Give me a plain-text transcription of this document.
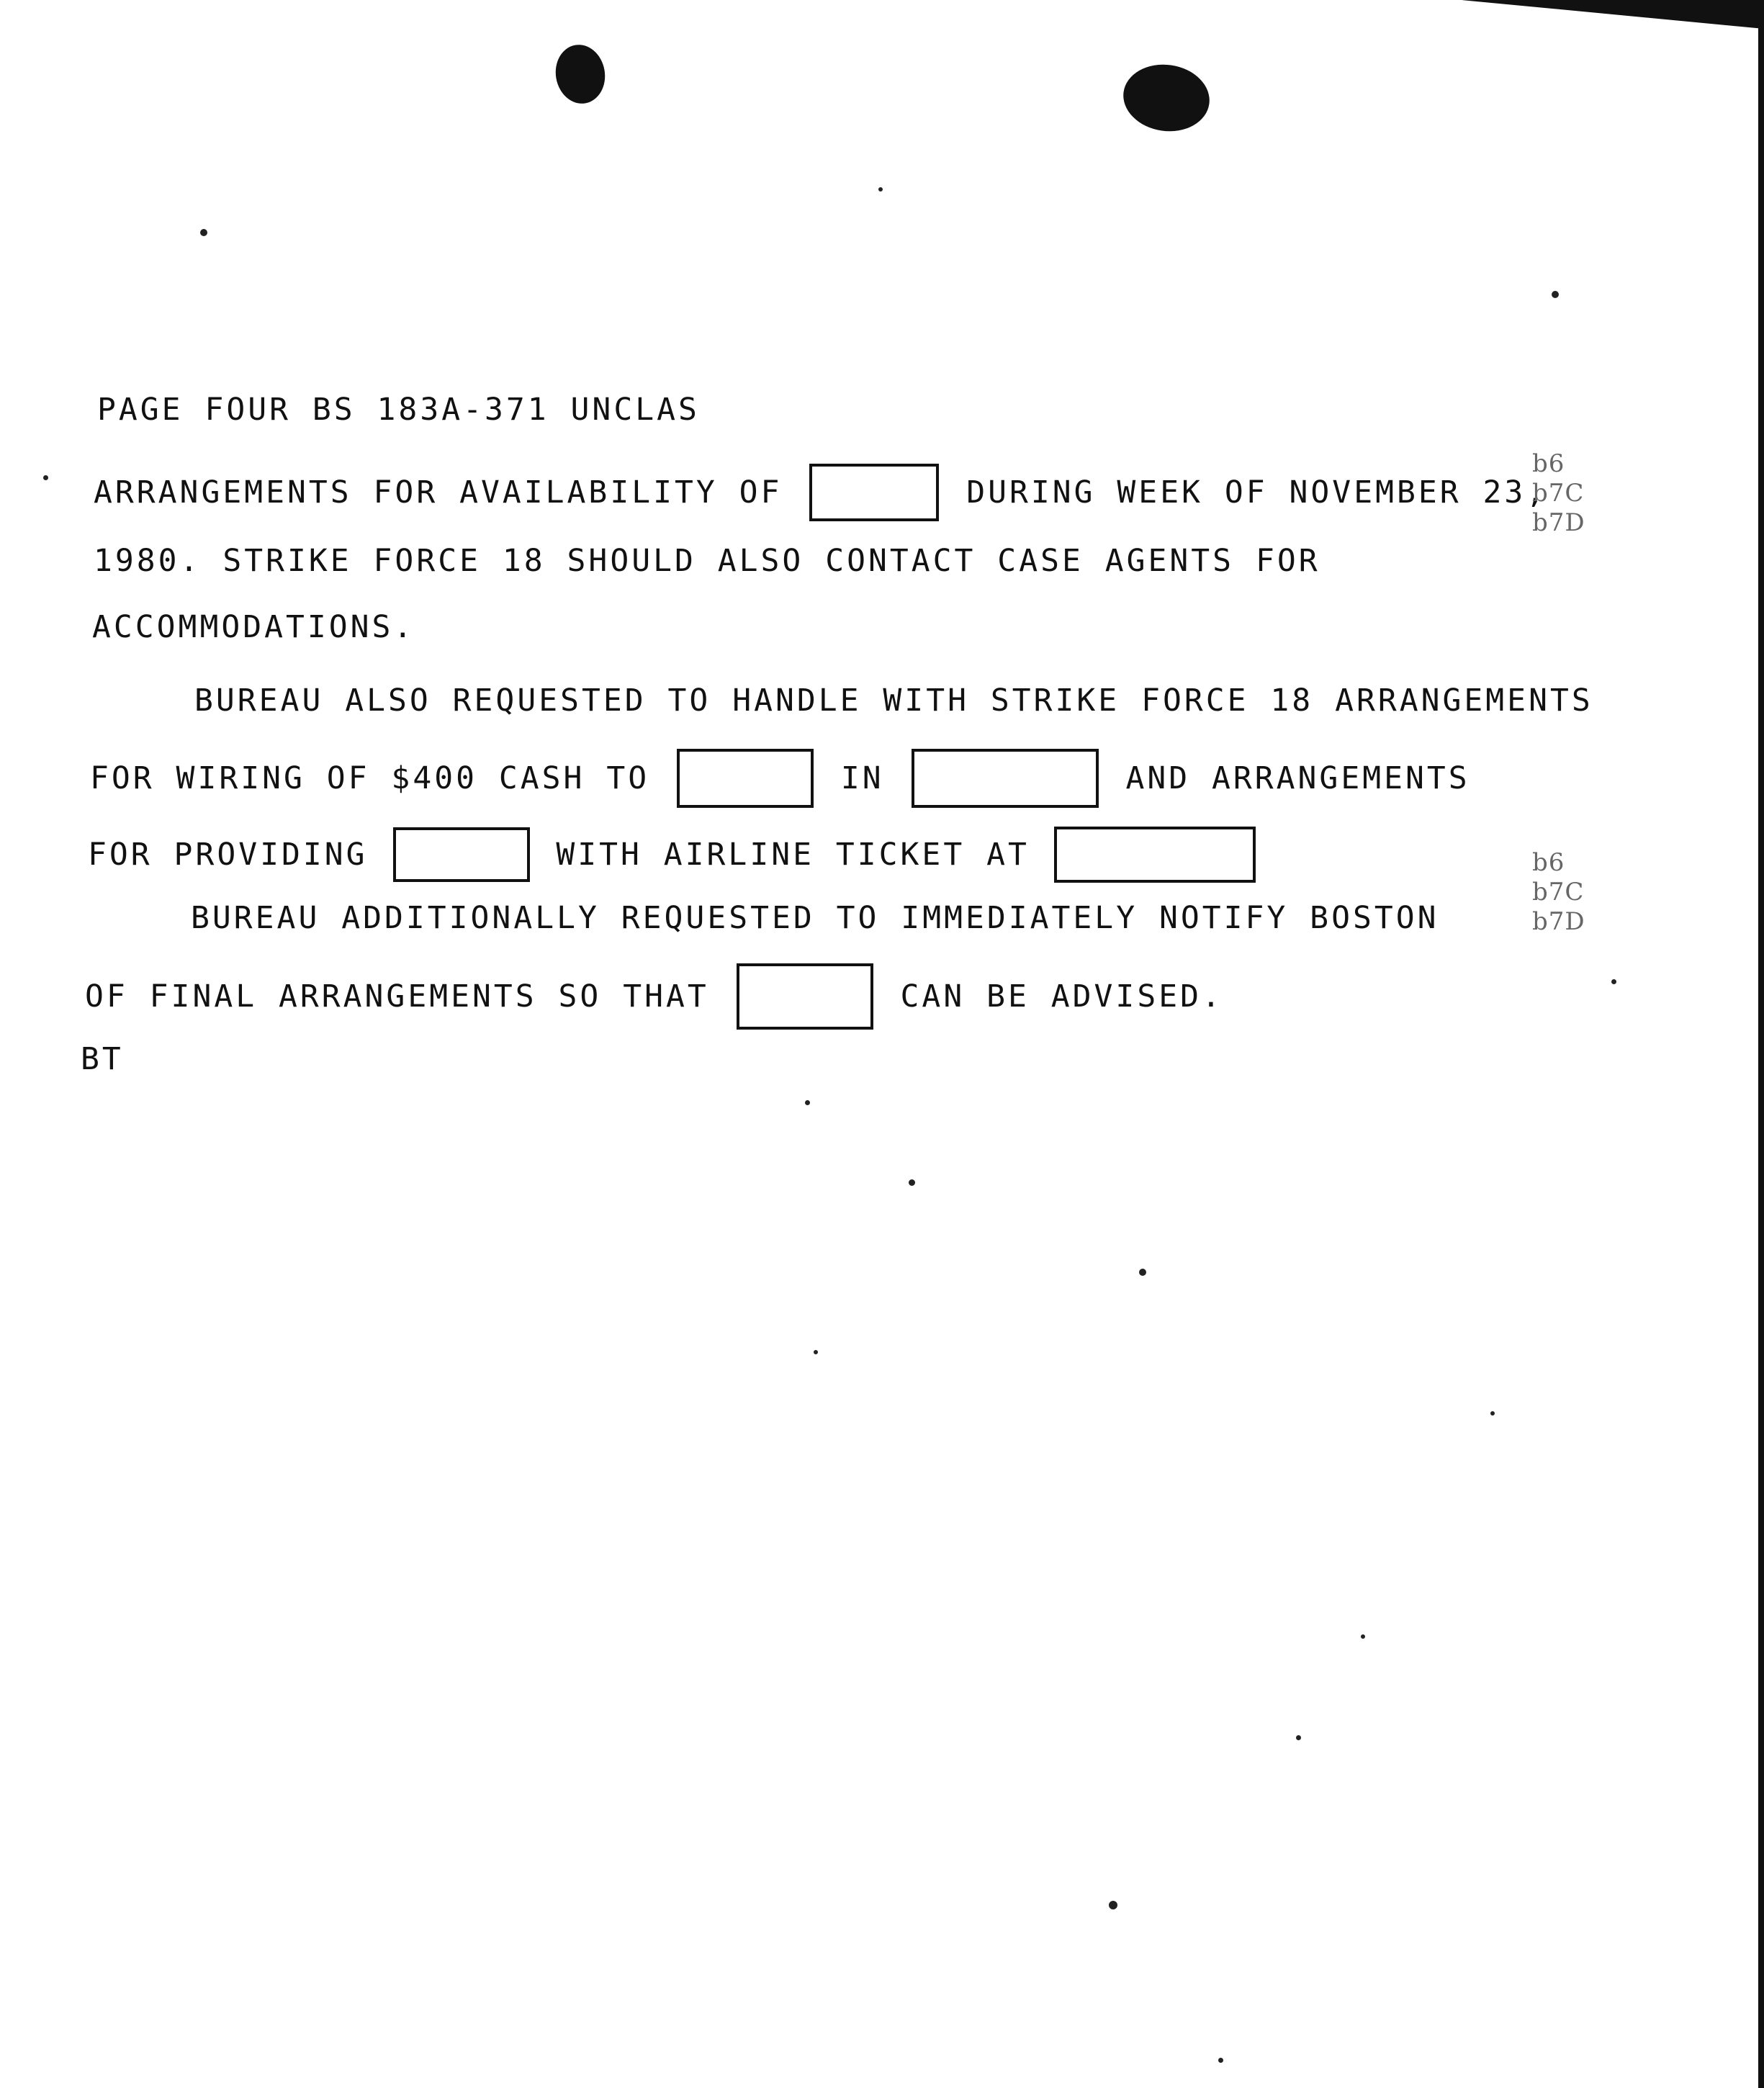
PAGE FOUR BS 183A-371 UNCLAS
ARRANGEMENTS FOR AVAILABILITY OF	DURING WEEK OF NOVEMBER 23,
1980. STRIKE FORCE 18 SHOULD ALSO CONTACT CASE AGENTS FOR
ACCOMMODATIONS.
b6
b7C
b7D
BUREAU ALSO REQUESTED TO HANDLE WITH STRIKE FORCE 18 ARRANGEMENTS
FOR WIRING OF $400 CASH TO	IN	AND ARRANGEMENTS
FOR PROVIDING	WITH AIRLINE TICKET AT	b6
b7C
b7D
BUREAU ADDITIONALLY REQUESTED TO IMMEDIATELY NOTIFY BOSTON
OF FINAL ARRANGEMENTS SO THAT	CAN BE ADVISED.
BT
